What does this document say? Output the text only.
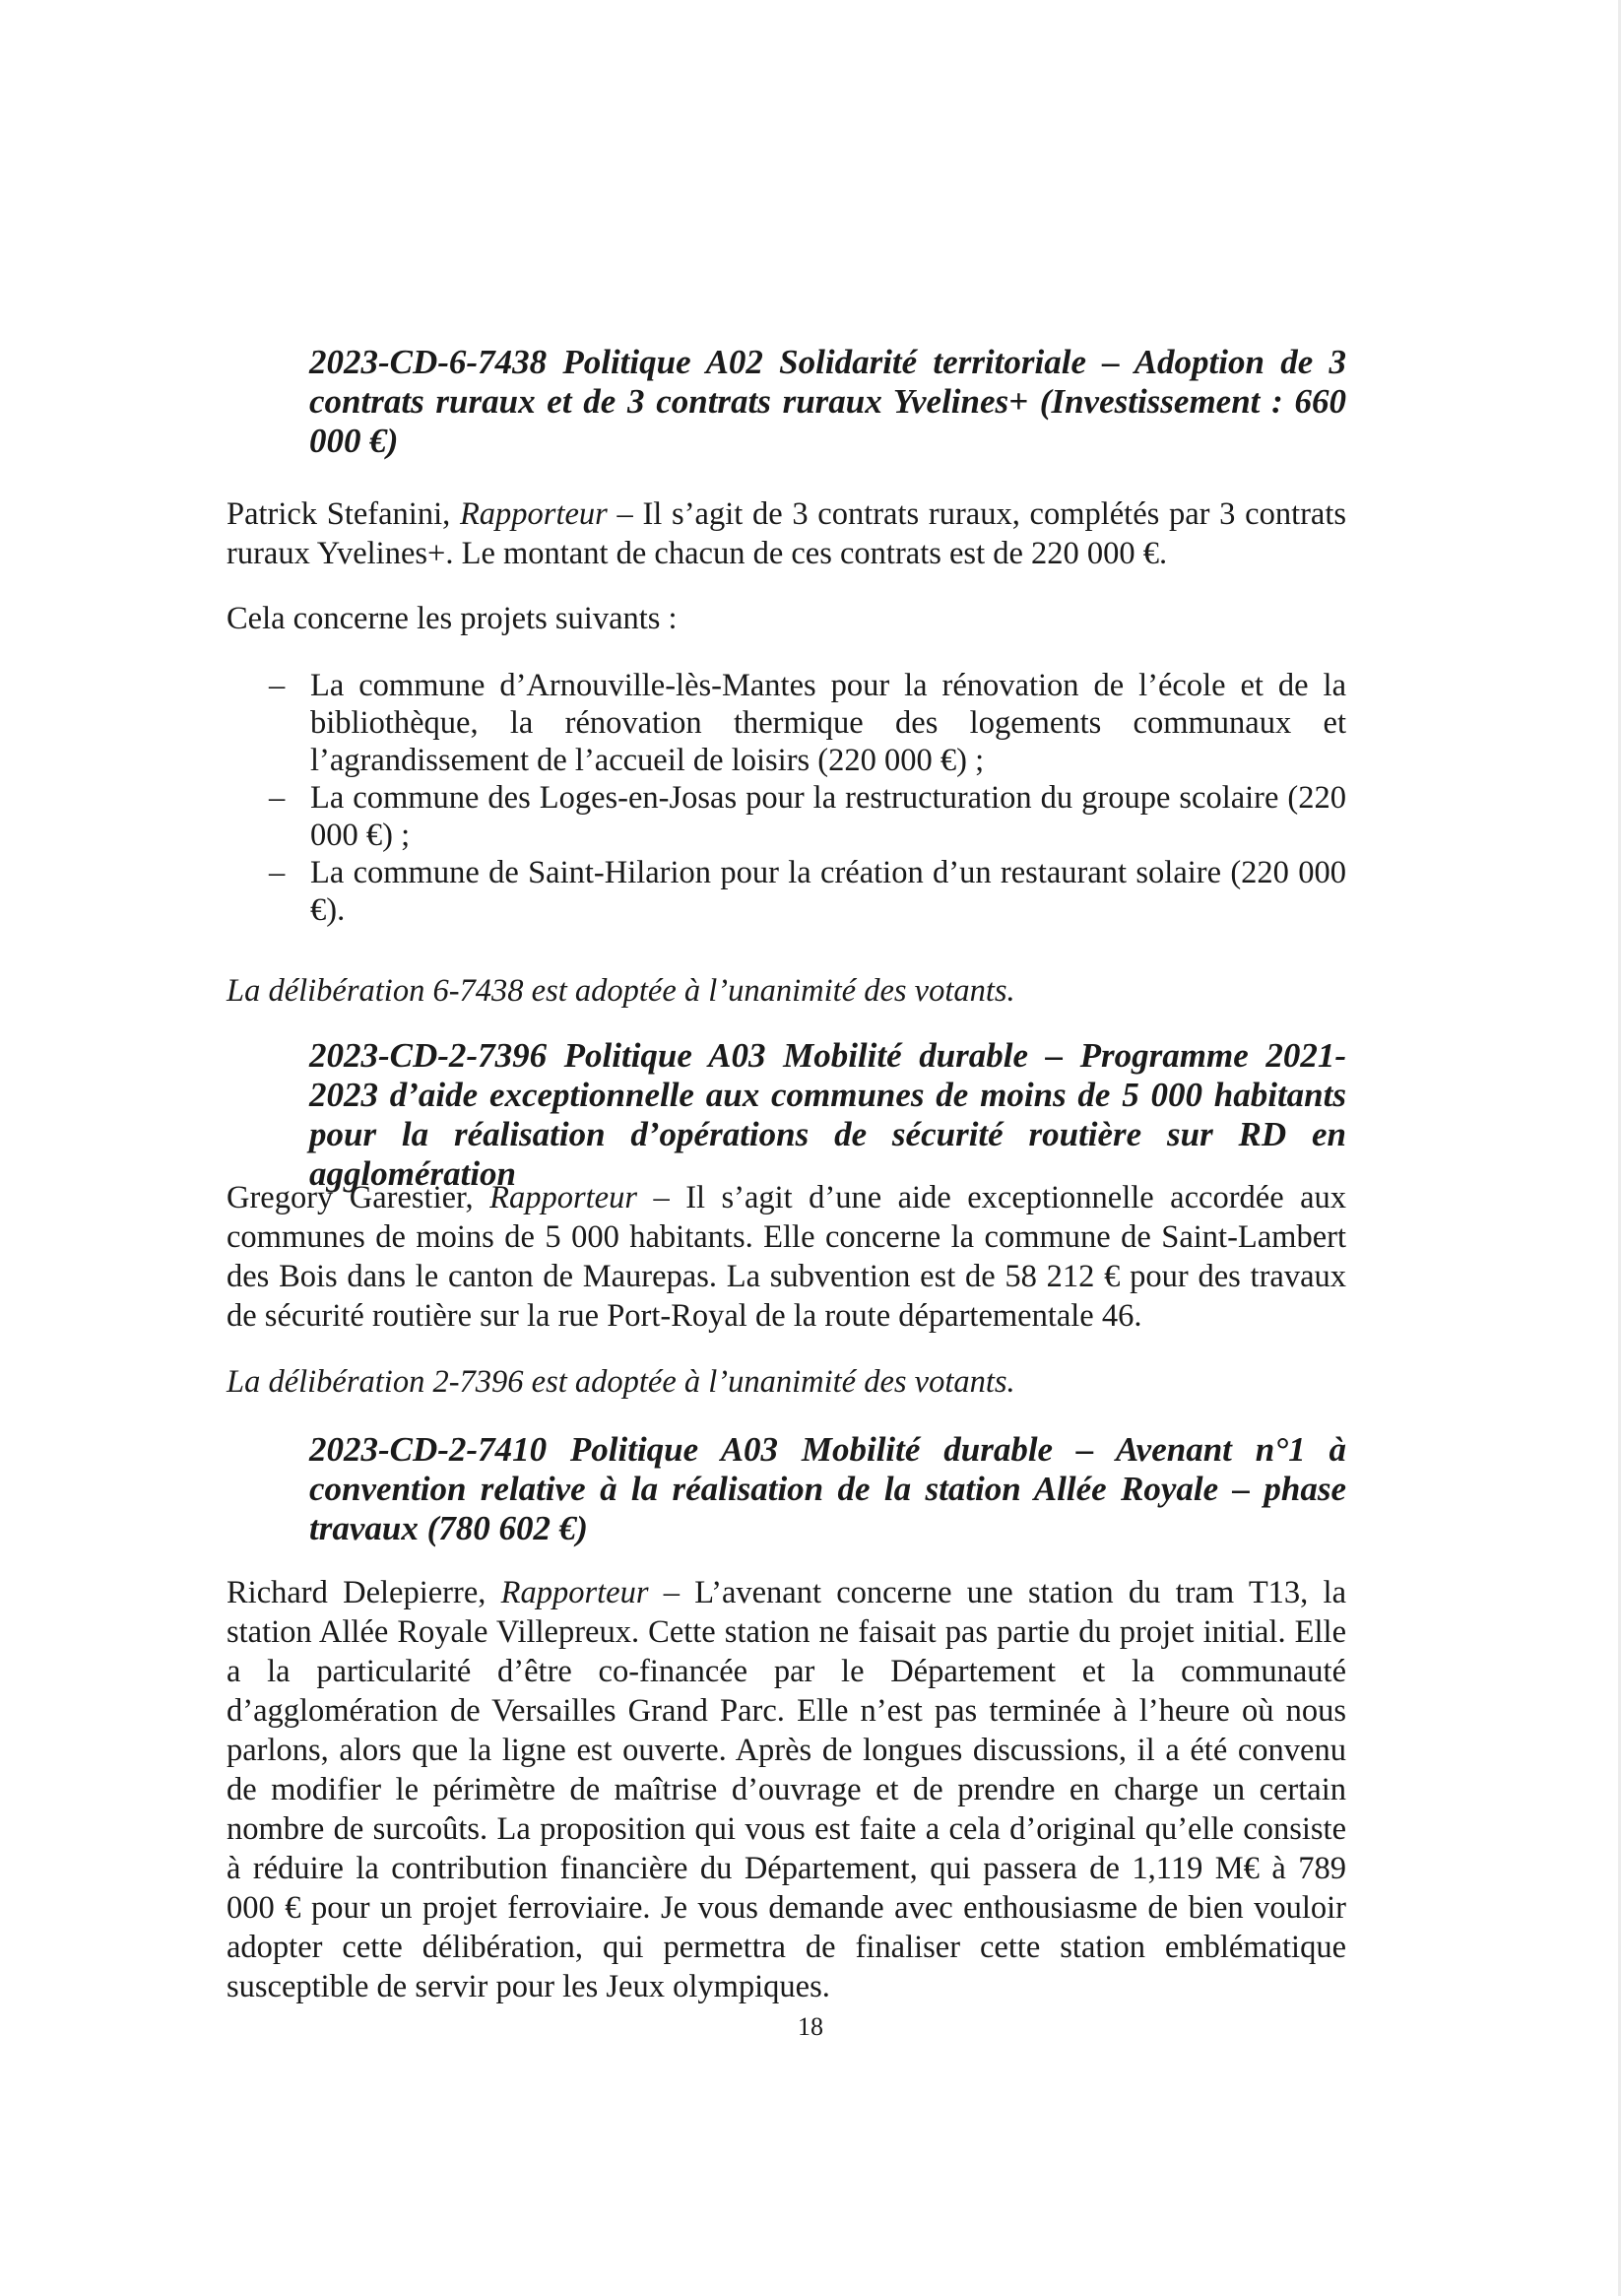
2023-CD-6-7438 Politique A02 Solidarité territoriale – Adoption de 3 contrats ruraux et de 3 contrats ruraux Yvelines+ (Investissement : 660 000 €)

Patrick Stefanini, Rapporteur – Il s’agit de 3 contrats ruraux, complétés par 3 contrats ruraux Yvelines+. Le montant de chacun de ces contrats est de 220 000 €.

Cela concerne les projets suivants :

– La commune d’Arnouville-lès-Mantes pour la rénovation de l’école et de la bibliothèque, la rénovation thermique des logements communaux et l’agrandissement de l’accueil de loisirs (220 000 €) ;
– La commune des Loges-en-Josas pour la restructuration du groupe scolaire (220 000 €) ;
– La commune de Saint-Hilarion pour la création d’un restaurant solaire (220 000 €).

La délibération 6-7438 est adoptée à l’unanimité des votants.

2023-CD-2-7396 Politique A03 Mobilité durable – Programme 2021-2023 d’aide exceptionnelle aux communes de moins de 5 000 habitants pour la réalisation d’opérations de sécurité routière sur RD en agglomération

Gregory Garestier, Rapporteur – Il s’agit d’une aide exceptionnelle accordée aux communes de moins de 5 000 habitants. Elle concerne la commune de Saint-Lambert des Bois dans le canton de Maurepas. La subvention est de 58 212 € pour des travaux de sécurité routière sur la rue Port-Royal de la route départementale 46.

La délibération 2-7396 est adoptée à l’unanimité des votants.

2023-CD-2-7410 Politique A03 Mobilité durable – Avenant n°1 à convention relative à la réalisation de la station Allée Royale – phase travaux (780 602 €)

Richard Delepierre, Rapporteur – L’avenant concerne une station du tram T13, la station Allée Royale Villepreux. Cette station ne faisait pas partie du projet initial. Elle a la particularité d’être co-financée par le Département et la communauté d’agglomération de Versailles Grand Parc. Elle n’est pas terminée à l’heure où nous parlons, alors que la ligne est ouverte. Après de longues discussions, il a été convenu de modifier le périmètre de maîtrise d’ouvrage et de prendre en charge un certain nombre de surcoûts. La proposition qui vous est faite a cela d’original qu’elle consiste à réduire la contribution financière du Département, qui passera de 1,119 M€ à 789 000 € pour un projet ferroviaire. Je vous demande avec enthousiasme de bien vouloir adopter cette délibération, qui permettra de finaliser cette station emblématique susceptible de servir pour les Jeux olympiques.

18
